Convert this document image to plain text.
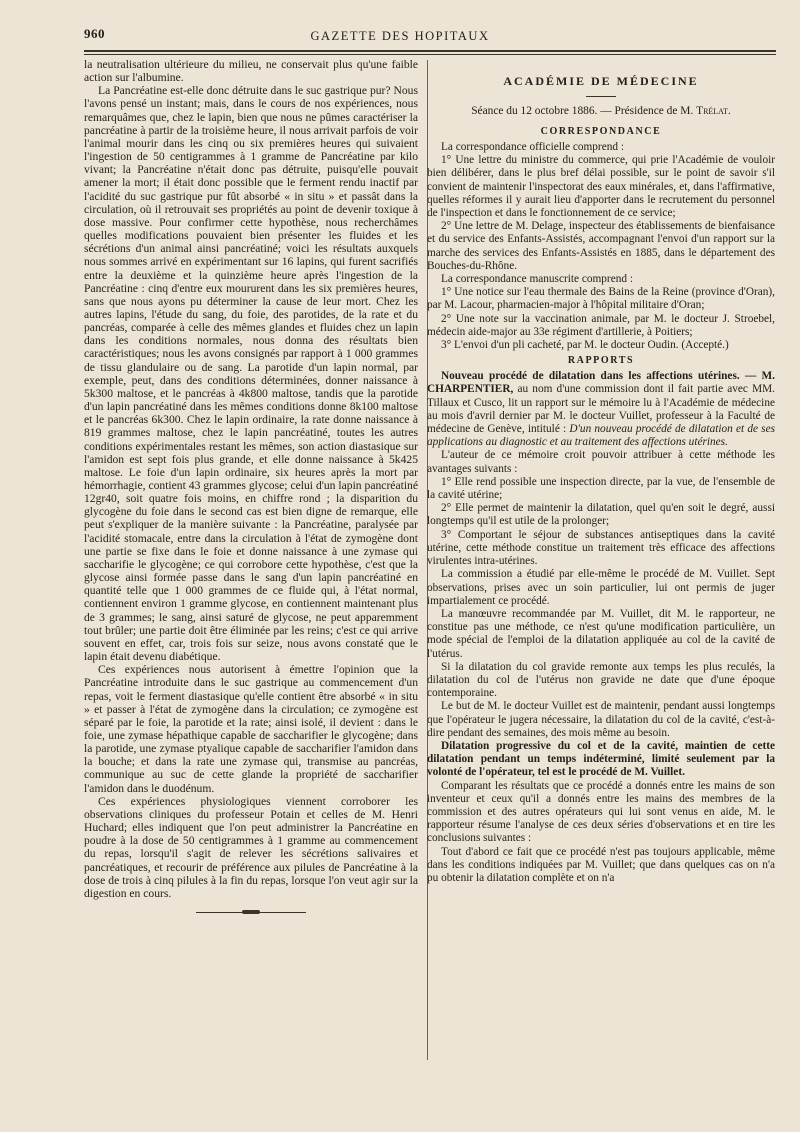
960	GAZETTE DES HOPITAUX

la neutralisation ultérieure du milieu, ne conservait plus qu'une faible action sur l'albumine.

La Pancréatine est-elle donc détruite dans le suc gastrique pur? Nous l'avons pensé un instant; mais, dans le cours de nos expériences, nous remarquâmes que, chez le lapin, bien que nous ne pûmes caractériser la pancréatine à partir de la troisième heure, il nous arrivait parfois de voir l'animal mourir dans les cinq ou six premières heures qui suivaient l'ingestion de 50 centigrammes à 1 gramme de Pancréatine par kilo vivant; la Pancréatine n'était donc pas détruite, puisqu'elle pouvait amener la mort; il était donc possible que le ferment rendu inactif par l'acidité du suc gastrique pur fût absorbé « in situ » et passât dans la circulation, où il retrouvait ses propriétés au point de devenir toxique à dose massive. Pour confirmer cette hypothèse, nous recherchâmes quelles modifications pouvaient bien présenter les fluides et les sécrétions d'un animal ainsi pancréatiné; voici les résultats auxquels nous sommes arrivé en expérimentant sur 16 lapins, qui furent sacrifiés entre la deuxième et la quinzième heure après l'ingestion de la Pancréatine : cinq d'entre eux moururent dans les six premières heures, sans que nous ayons pu déterminer la cause de leur mort. Chez les autres lapins, l'étude du sang, du foie, des parotides, de la rate et du pancréas, comparée à celle des mêmes glandes et fluides chez un lapin dans les conditions normales, nous donna des résultats bien caractéristiques; nous les avons consignés par rapport à 1 000 grammes de tissu glandulaire ou de sang. La parotide d'un lapin normal, par exemple, peut, dans des conditions déterminées, donner naissance à 5k300 maltose, et le pancréas à 4k800 maltose, tandis que la parotide d'un lapin pancréatiné dans les mêmes conditions donne 8k100 maltose et le pancréas 6k300. Chez le lapin ordinaire, la rate donne naissance à 819 grammes maltose, chez le lapin pancréatiné, toutes les autres conditions expérimentales restant les mêmes, son action diastasique sur l'amidon est sept fois plus grande, et elle donne naissance à 5k425 maltose. Le foie d'un lapin ordinaire, six heures après la mort par hémorrhagie, contient 43 grammes glycose; celui d'un lapin pancréatiné 12gr40, soit quatre fois moins, en chiffre rond ; la disparition du glycogène du foie dans le second cas est bien digne de remarque, elle peut s'expliquer de la manière suivante : la Pancréatine, paralysée par l'acidité stomacale, entre dans la circulation à l'état de zymogène dont une partie se fixe dans le foie et donne naissance à une zymase qui saccharifie le glycogène; ce qui corrobore cette hypothèse, c'est que la glycose ainsi formée passe dans le sang d'un lapin pancréatiné en quantité telle que 1 000 grammes de ce fluide qui, à l'état normal, contiennent environ 1 gramme glycose, en contiennent maintenant plus de 3 grammes; le sang, ainsi saturé de glycose, ne peut apparemment tout brûler; une partie doit être éliminée par les reins; c'est ce qui arrive souvent en effet, car, trois fois sur seize, nous avons constaté que le lapin était devenu diabétique.

Ces expériences nous autorisent à émettre l'opinion que la Pancréatine introduite dans le suc gastrique au commencement d'un repas, voit le ferment diastasique qu'elle contient être absorbé « in situ » et passer à l'état de zymogène dans la circulation; ce zymogène est séparé par le foie, la parotide et la rate; ainsi isolé, il devient : dans le foie, une zymase hépathique capable de saccharifier le glycogène; dans la parotide, une zymase ptyalique capable de saccharifier l'amidon dans la bouche; et dans la rate une zymase qui, transmise au pancréas, communique au suc de cette glande la propriété de saccharifier l'amidon dans le duodénum.

Ces expériences physiologiques viennent corroborer les observations cliniques du professeur Potain et celles de M. Henri Huchard; elles indiquent que l'on peut administrer la Pancréatine en poudre à la dose de 50 centigrammes à 1 gramme au commencement du repas, lorsqu'il s'agit de relever les sécrétions salivaires et pancréatiques, et recourir de préférence aux pilules de Pancréatine à la dose de trois à cinq pilules à la fin du repas, lorsque l'on veut agir sur la digestion en cours.

ACADÉMIE DE MÉDECINE
Séance du 12 octobre 1886. — Présidence de M. Trélat.
CORRESPONDANCE

La correspondance officielle comprend :

1° Une lettre du ministre du commerce, qui prie l'Académie de vouloir bien délibérer, dans le plus bref délai possible, sur le point de savoir s'il convient de maintenir l'inspectorat des eaux minérales, et, dans l'affirmative, quelles réformes il y aurait lieu d'apporter dans le recrutement du personnel de l'inspection et dans le fonctionnement de ce service;

2° Une lettre de M. Delage, inspecteur des établissements de bienfaisance et du service des Enfants-Assistés, accompagnant l'envoi d'un rapport sur la marche des services des Enfants-Assistés en 1885, dans le département des Bouches-du-Rhône.

La correspondance manuscrite comprend :

1° Une notice sur l'eau thermale des Bains de la Reine (province d'Oran), par M. Lacour, pharmacien-major à l'hôpital militaire d'Oran;

2° Une note sur la vaccination animale, par M. le docteur J. Stroebel, médecin aide-major au 33e régiment d'artillerie, à Poitiers;

3° L'envoi d'un pli cacheté, par M. le docteur Oudin. (Accepté.)

RAPPORTS

Nouveau procédé de dilatation dans les affections utérines. — M. CHARPENTIER, au nom d'une commission dont il fait partie avec MM. Tillaux et Cusco, lit un rapport sur le mémoire lu à l'Académie de médecine au mois d'avril dernier par M. le docteur Vuillet, professeur à la Faculté de médecine de Genève, intitulé : D'un nouveau procédé de dilatation et de ses applications au diagnostic et au traitement des affections utérines.

L'auteur de ce mémoire croit pouvoir attribuer à cette méthode les avantages suivants :

1° Elle rend possible une inspection directe, par la vue, de l'ensemble de la cavité utérine;

2° Elle permet de maintenir la dilatation, quel qu'en soit le degré, aussi longtemps qu'il est utile de la prolonger;

3° Comportant le séjour de substances antiseptiques dans la cavité utérine, cette méthode constitue un traitement très efficace des affections virulentes intra-utérines.

La commission a étudié par elle-même le procédé de M. Vuillet. Sept observations, prises avec un soin particulier, lui ont permis de juger impartialement ce procédé.

La manœuvre recommandée par M. Vuillet, dit M. le rapporteur, ne constitue pas une méthode, ce n'est qu'une modification particulière, un mode spécial de l'emploi de la dilatation appliquée au col de la cavité de l'utérus.

Si la dilatation du col gravide remonte aux temps les plus reculés, la dilatation du col de l'utérus non gravide ne date que d'une époque contemporaine.

Le but de M. le docteur Vuillet est de maintenir, pendant aussi longtemps que l'opérateur le jugera nécessaire, la dilatation du col de la cavité, c'est-à-dire pendant des semaines, des mois même au besoin.

Dilatation progressive du col et de la cavité, maintien de cette dilatation pendant un temps indéterminé, limité seulement par la volonté de l'opérateur, tel est le procédé de M. Vuillet.

Comparant les résultats que ce procédé a donnés entre les mains de son inventeur et ceux qu'il a donnés entre les mains des membres de la commission et des autres opérateurs qui lui sont venus en aide, M. le rapporteur résume l'analyse de ces deux séries d'observations et en tire les conclusions suivantes :

Tout d'abord ce fait que ce procédé n'est pas toujours applicable, même dans les conditions indiquées par M. Vuillet; que dans quelques cas on n'a pu obtenir la dilatation complète et on n'a
